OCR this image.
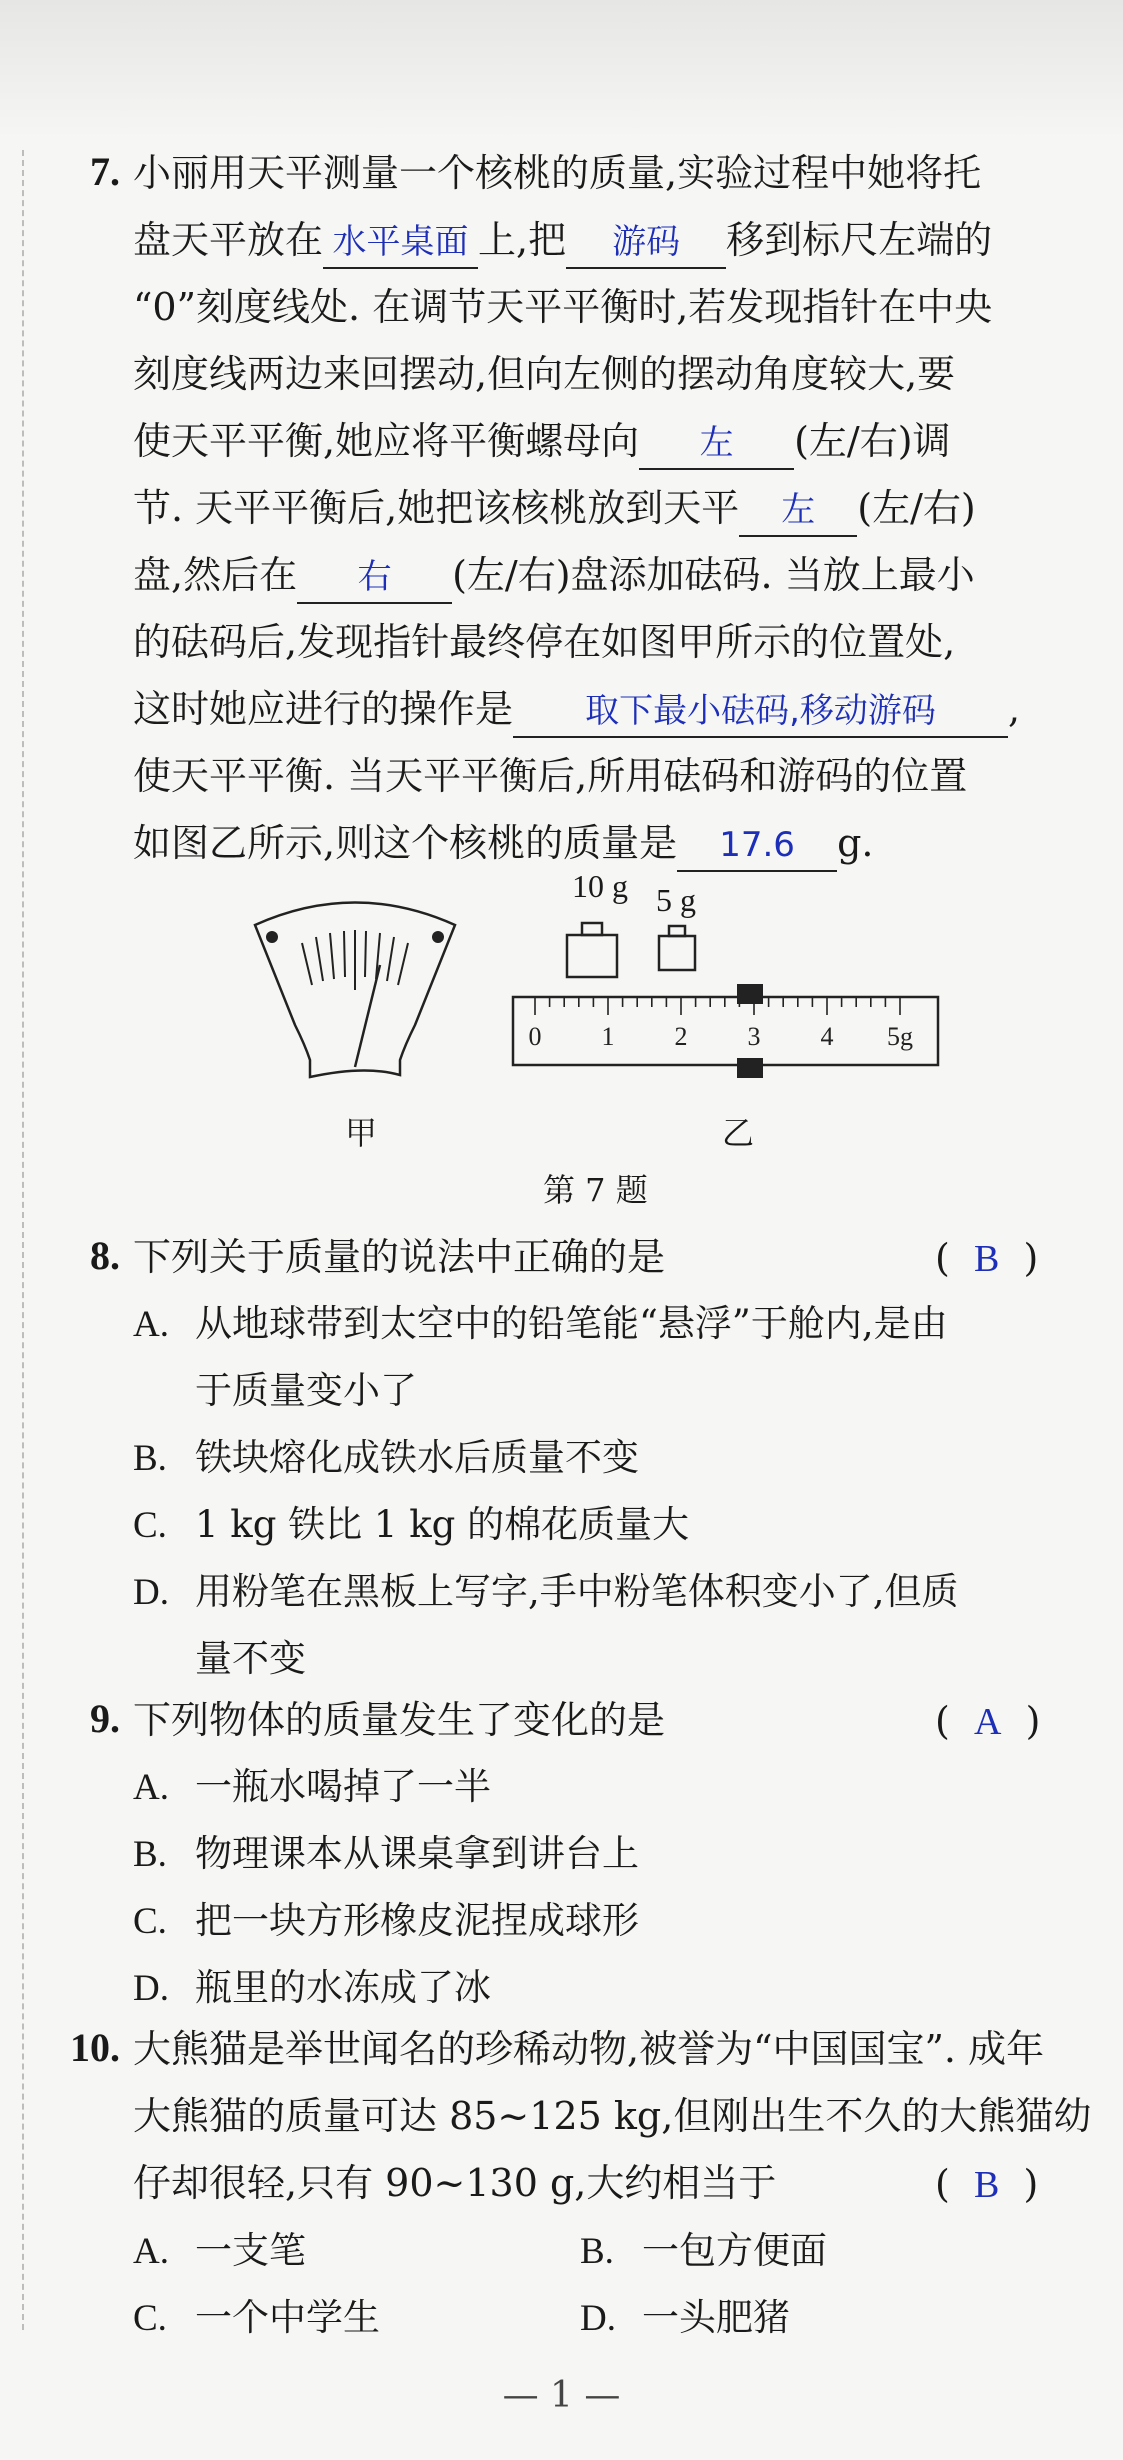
7. 小丽用天平测量一个核桃的质量,实验过程中她将托
盘天平放在 水平桌面 上,把 游码 移到标尺左端的
“0”刻度线处. 在调节天平平衡时,若发现指针在中央
刻度线两边来回摆动,但向左侧的摆动角度较大,要
使天平平衡,她应将平衡螺母向 左 (左/右)调
节. 天平平衡后,她把该核桃放到天平 左 (左/右)
盘,然后在 右 (左/右)盘添加砝码. 当放上最小
的砝码后,发现指针最终停在如图甲所示的位置处,
这时她应进行的操作是 取下最小砝码,移动游码 ,
使天平平衡. 当天平平衡后,所用砝码和游码的位置
如图乙所示,则这个核桃的质量是 17.6 g.
甲
10 g 5 g
0 1 2 3 4 5g
乙
第 7 题
8. 下列关于质量的说法中正确的是	(  B  )
A. 从地球带到太空中的铅笔能“悬浮”于舱内,是由
于质量变小了
B. 铁块熔化成铁水后质量不变
C. 1 kg 铁比 1 kg 的棉花质量大
D. 用粉笔在黑板上写字,手中粉笔体积变小了,但质
量不变
9. 下列物体的质量发生了变化的是	(  A  )
A. 一瓶水喝掉了一半
B. 物理课本从课桌拿到讲台上
C. 把一块方形橡皮泥捏成球形
D. 瓶里的水冻成了冰
10. 大熊猫是举世闻名的珍稀动物,被誉为“中国国宝”. 成年
大熊猫的质量可达 85~125 kg,但刚出生不久的大熊猫幼
仔却很轻,只有 90~130 g,大约相当于	(  B  )
A. 一支笔	B. 一包方便面
C. 一个中学生	D. 一头肥猪
— 1 —
